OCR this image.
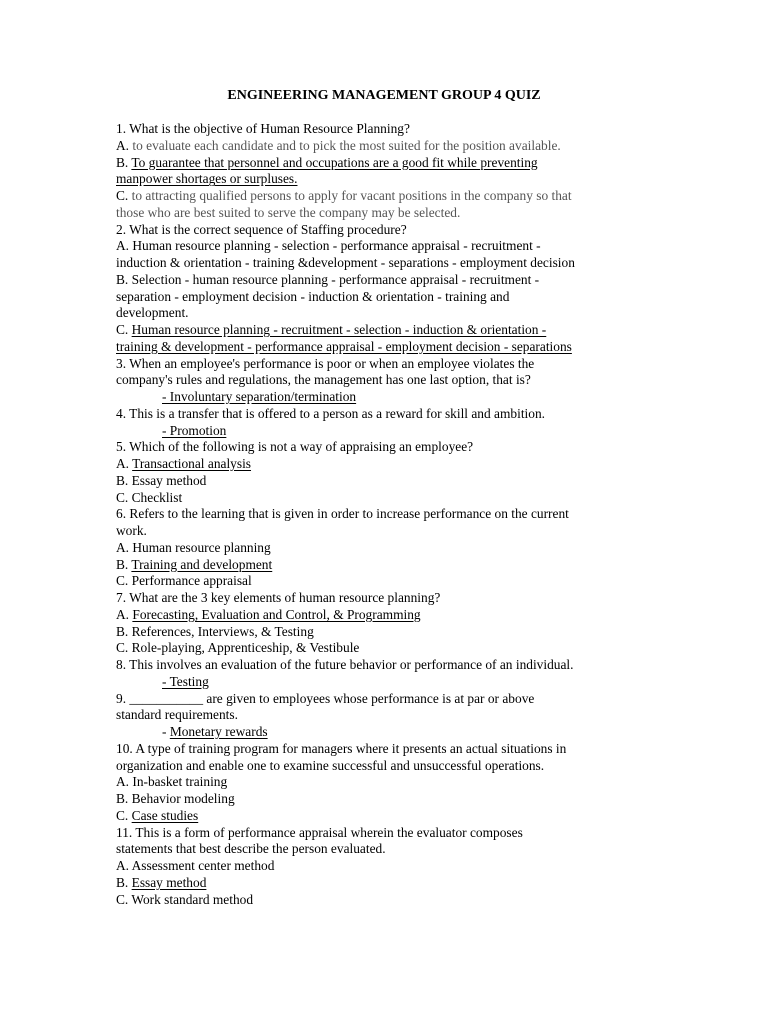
ENGINEERING MANAGEMENT GROUP 4 QUIZ
1. What is the objective of Human Resource Planning?
A. to evaluate each candidate and to pick the most suited for the position available.
B. To guarantee that personnel and occupations are a good fit while preventing
manpower shortages or surpluses.
C. to attracting qualified persons to apply for vacant positions in the company so that
those who are best suited to serve the company may be selected.
2. What is the correct sequence of Staffing procedure?
A. Human resource planning - selection - performance appraisal - recruitment -
induction & orientation - training &development - separations - employment decision
B. Selection - human resource planning - performance appraisal - recruitment -
separation - employment decision - induction & orientation - training and
development.
C. Human resource planning - recruitment - selection - induction & orientation -
training & development - performance appraisal - employment decision - separations
3. When an employee's performance is poor or when an employee violates the
company's rules and regulations, the management has one last option, that is?
- Involuntary separation/termination
4. This is a transfer that is offered to a person as a reward for skill and ambition.
- Promotion
5. Which of the following is not a way of appraising an employee?
A. Transactional analysis
B. Essay method
C. Checklist
6. Refers to the learning that is given in order to increase performance on the current
work.
A. Human resource planning
B. Training and development
C. Performance appraisal
7. What are the 3 key elements of human resource planning?
A. Forecasting, Evaluation and Control, & Programming
B. References, Interviews, & Testing
C. Role-playing, Apprenticeship, & Vestibule
8. This involves an evaluation of the future behavior or performance of an individual.
- Testing
9. ___________ are given to employees whose performance is at par or above
standard requirements.
- Monetary rewards
10. A type of training program for managers where it presents an actual situations in
organization and enable one to examine successful and unsuccessful operations.
A. In-basket training
B. Behavior modeling
C. Case studies
11. This is a form of performance appraisal wherein the evaluator composes
statements that best describe the person evaluated.
A. Assessment center method
B. Essay method
C. Work standard method
